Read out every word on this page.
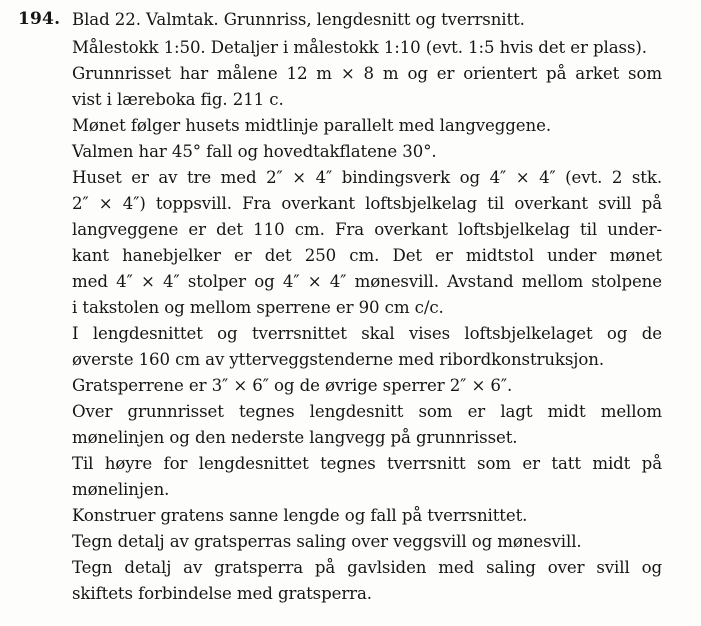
194. Blad 22. Valmtak. Grunnriss, lengdesnitt og tverrsnitt.
Målestokk 1:50. Detaljer i målestokk 1:10 (evt. 1:5 hvis det er plass).
Grunnrisset har målene 12 m × 8 m og er orientert på arket som
vist i læreboka fig. 211 c.
Mønet følger husets midtlinje parallelt med langveggene.
Valmen har 45° fall og hovedtakflatene 30°.
Huset er av tre med 2″ × 4″ bindingsverk og 4″ × 4″ (evt. 2 stk.
2″ × 4″) toppsvill. Fra overkant loftsbjelkelag til overkant svill på
langveggene er det 110 cm. Fra overkant loftsbjelkelag til under-
kant hanebjelker er det 250 cm. Det er midtstol under mønet
med 4″ × 4″ stolper og 4″ × 4″ mønesvill. Avstand mellom stolpene
i takstolen og mellom sperrene er 90 cm c/c.
I lengdesnittet og tverrsnittet skal vises loftsbjelkelaget og de
øverste 160 cm av ytterveggstenderne med ribordkonstruksjon.
Gratsperrene er 3″ × 6″ og de øvrige sperrer 2″ × 6″.
Over grunnrisset tegnes lengdesnitt som er lagt midt mellom
mønelinjen og den nederste langvegg på grunnrisset.
Til høyre for lengdesnittet tegnes tverrsnitt som er tatt midt på
mønelinjen.
Konstruer gratens sanne lengde og fall på tverrsnittet.
Tegn detalj av gratsperras saling over veggsvill og mønesvill.
Tegn detalj av gratsperra på gavlsiden med saling over svill og
skiftets forbindelse med gratsperra.
